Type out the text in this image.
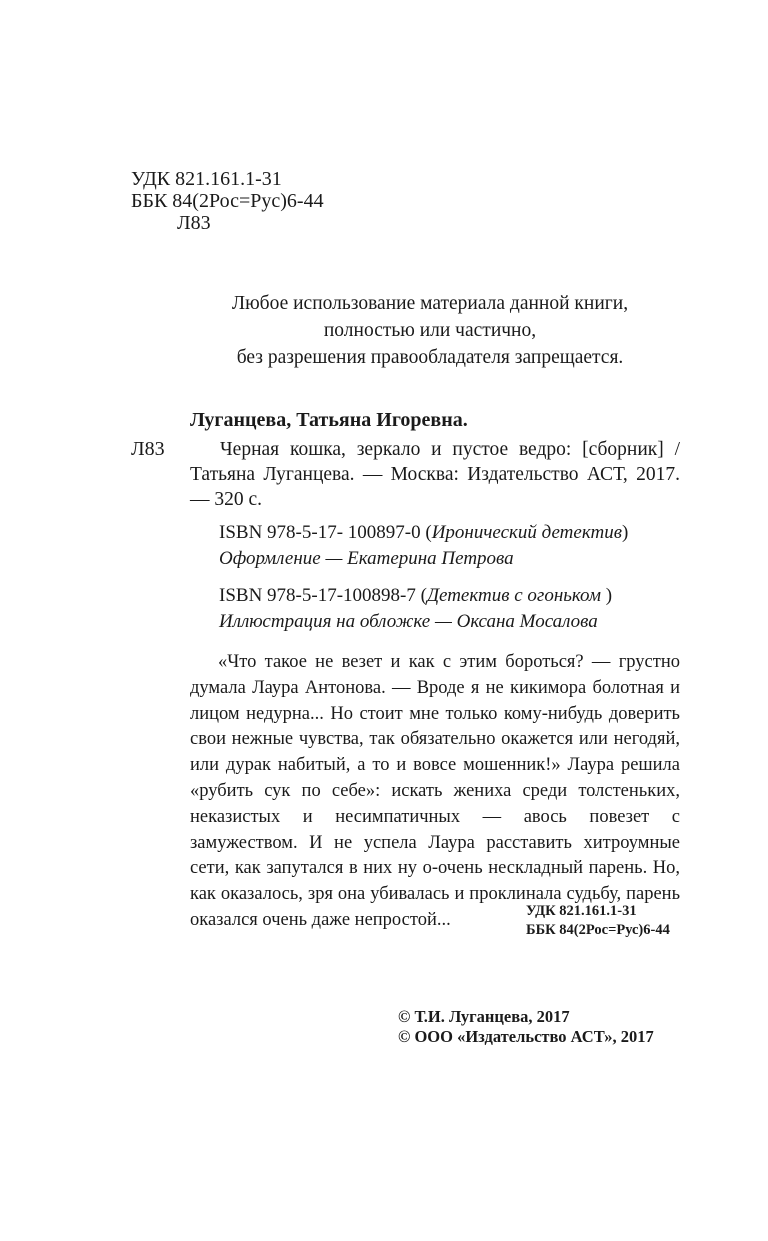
УДК 821.161.1-31
ББК 84(2Рос=Рус)6-44
Л83
Любое использование материала данной книги,
полностью или частично,
без разрешения правообладателя запрещается.
Луганцева, Татьяна Игоревна.
Л83	Черная кошка, зеркало и пустое ведро: [сборник] / Татьяна Луганцева. — Москва: Издательство АСТ, 2017. — 320 с.
ISBN 978-5-17- 100897-0 (Иронический детектив)
Оформление — Екатерина Петрова
ISBN 978-5-17-100898-7 (Детектив с огоньком )
Иллюстрация на обложке — Оксана Мосалова

«Что такое не везет и как с этим бороться? — грустно думала Лаура Антонова. — Вроде я не кикимора болотная и лицом недурна... Но стоит мне только кому-нибудь доверить свои нежные чувства, так обязательно окажется или негодяй, или дурак набитый, а то и вовсе мошенник!» Лаура решила «рубить сук по себе»: искать жениха среди толстеньких, неказистых и несимпатичных — авось повезет с замужеством. И не успела Лаура расставить хитроумные сети, как запутался в них ну о-очень нескладный парень. Но, как оказалось, зря она убивалась и проклинала судьбу, парень оказался очень даже непростой...	УДК 821.161.1-31
ББК 84(2Рос=Рус)6-44
© Т.И. Луганцева, 2017
© ООО «Издательство АСТ», 2017
